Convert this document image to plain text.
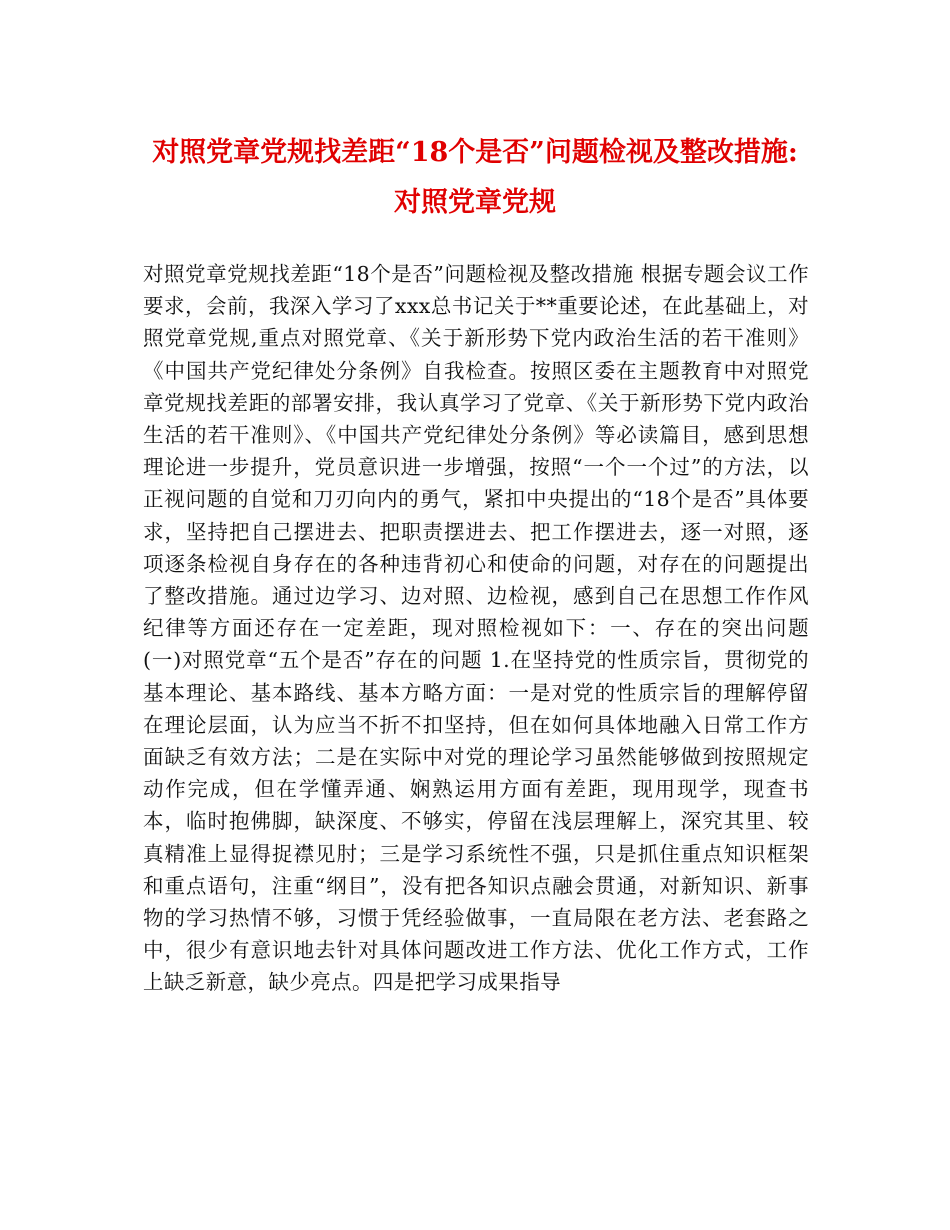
对照党章党规找差距“18个是否”问题检视及整改措施:对照党章党规

对照党章党规找差距“18个是否”问题检视及整改措施 根据专题会议工作要求，会前，我深入学习了xxx总书记关于**重要论述，在此基础上，对照党章党规,重点对照党章、《关于新形势下党内政治生活的若干准则》《中国共产党纪律处分条例》自我检查。按照区委在主题教育中对照党章党规找差距的部署安排，我认真学习了党章、《关于新形势下党内政治生活的若干准则》、《中国共产党纪律处分条例》等必读篇目，感到思想理论进一步提升，党员意识进一步增强，按照“一个一个过”的方法，以正视问题的自觉和刀刃向内的勇气，紧扣中央提出的“18个是否”具体要求，坚持把自己摆进去、把职责摆进去、把工作摆进去，逐一对照，逐项逐条检视自身存在的各种违背初心和使命的问题，对存在的问题提出了整改措施。通过边学习、边对照、边检视，感到自己在思想工作作风纪律等方面还存在一定差距，现对照检视如下：一、存在的突出问题 (一)对照党章“五个是否”存在的问题 1.在坚持党的性质宗旨，贯彻党的基本理论、基本路线、基本方略方面：一是对党的性质宗旨的理解停留在理论层面，认为应当不折不扣坚持，但在如何具体地融入日常工作方面缺乏有效方法；二是在实际中对党的理论学习虽然能够做到按照规定动作完成，但在学懂弄通、娴熟运用方面有差距，现用现学，现查书本，临时抱佛脚，缺深度、不够实，停留在浅层理解上，深究其里、较真精准上显得捉襟见肘；三是学习系统性不强，只是抓住重点知识框架和重点语句，注重“纲目”，没有把各知识点融会贯通，对新知识、新事物的学习热情不够，习惯于凭经验做事，一直局限在老方法、老套路之中，很少有意识地去针对具体问题改进工作方法、优化工作方式，工作上缺乏新意，缺少亮点。四是把学习成果指导
